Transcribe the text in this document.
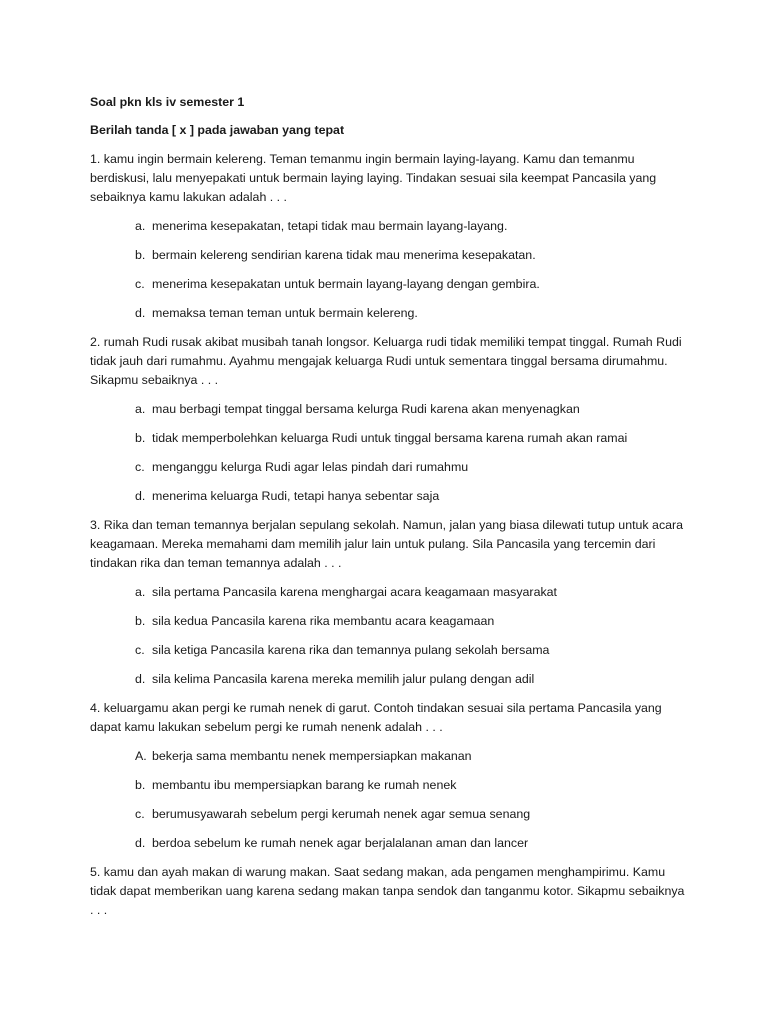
Soal pkn kls iv semester 1

Berilah tanda [ x ] pada jawaban yang tepat

1. kamu ingin bermain kelereng. Teman temanmu ingin bermain laying-layang. Kamu dan temanmu berdiskusi, lalu menyepakati untuk bermain laying laying. Tindakan sesuai sila keempat Pancasila yang sebaiknya kamu lakukan adalah . . .

a. menerima kesepakatan, tetapi tidak mau bermain layang-layang.
b. bermain kelereng sendirian karena tidak mau menerima kesepakatan.
c. menerima kesepakatan untuk bermain layang-layang dengan gembira.
d. memaksa teman teman untuk bermain kelereng.

2. rumah Rudi rusak akibat musibah tanah longsor. Keluarga rudi tidak memiliki tempat tinggal. Rumah Rudi tidak jauh dari rumahmu. Ayahmu mengajak keluarga Rudi untuk sementara tinggal bersama dirumahmu. Sikapmu sebaiknya . . .

a. mau berbagi tempat tinggal bersama kelurga Rudi karena akan menyenagkan
b. tidak memperbolehkan keluarga Rudi untuk tinggal bersama karena rumah akan ramai
c. menganggu kelurga Rudi agar lelas pindah dari rumahmu
d. menerima keluarga Rudi, tetapi hanya sebentar saja

3. Rika dan teman temannya berjalan sepulang sekolah. Namun, jalan yang biasa dilewati tutup untuk acara keagamaan. Mereka memahami dam memilih jalur lain untuk pulang. Sila Pancasila yang tercemin dari tindakan rika dan teman temannya adalah . . .

a. sila pertama Pancasila karena menghargai acara keagamaan masyarakat
b. sila kedua Pancasila karena rika membantu acara keagamaan
c. sila ketiga Pancasila karena rika dan temannya pulang sekolah bersama
d. sila kelima Pancasila karena mereka memilih jalur pulang dengan adil

4. keluargamu akan pergi ke rumah nenek di garut. Contoh tindakan sesuai sila pertama Pancasila yang dapat kamu lakukan sebelum pergi ke rumah nenenk adalah . . .

A. bekerja sama membantu nenek mempersiapkan makanan
b. membantu ibu mempersiapkan barang ke rumah nenek
c. berumusyawarah sebelum pergi kerumah nenek agar semua senang
d. berdoa sebelum ke rumah nenek agar berjalalanan aman dan lancer

5. kamu dan ayah makan di warung makan. Saat sedang makan, ada pengamen menghampirimu. Kamu tidak dapat memberikan uang karena sedang makan tanpa sendok dan tanganmu kotor. Sikapmu sebaiknya . . .
